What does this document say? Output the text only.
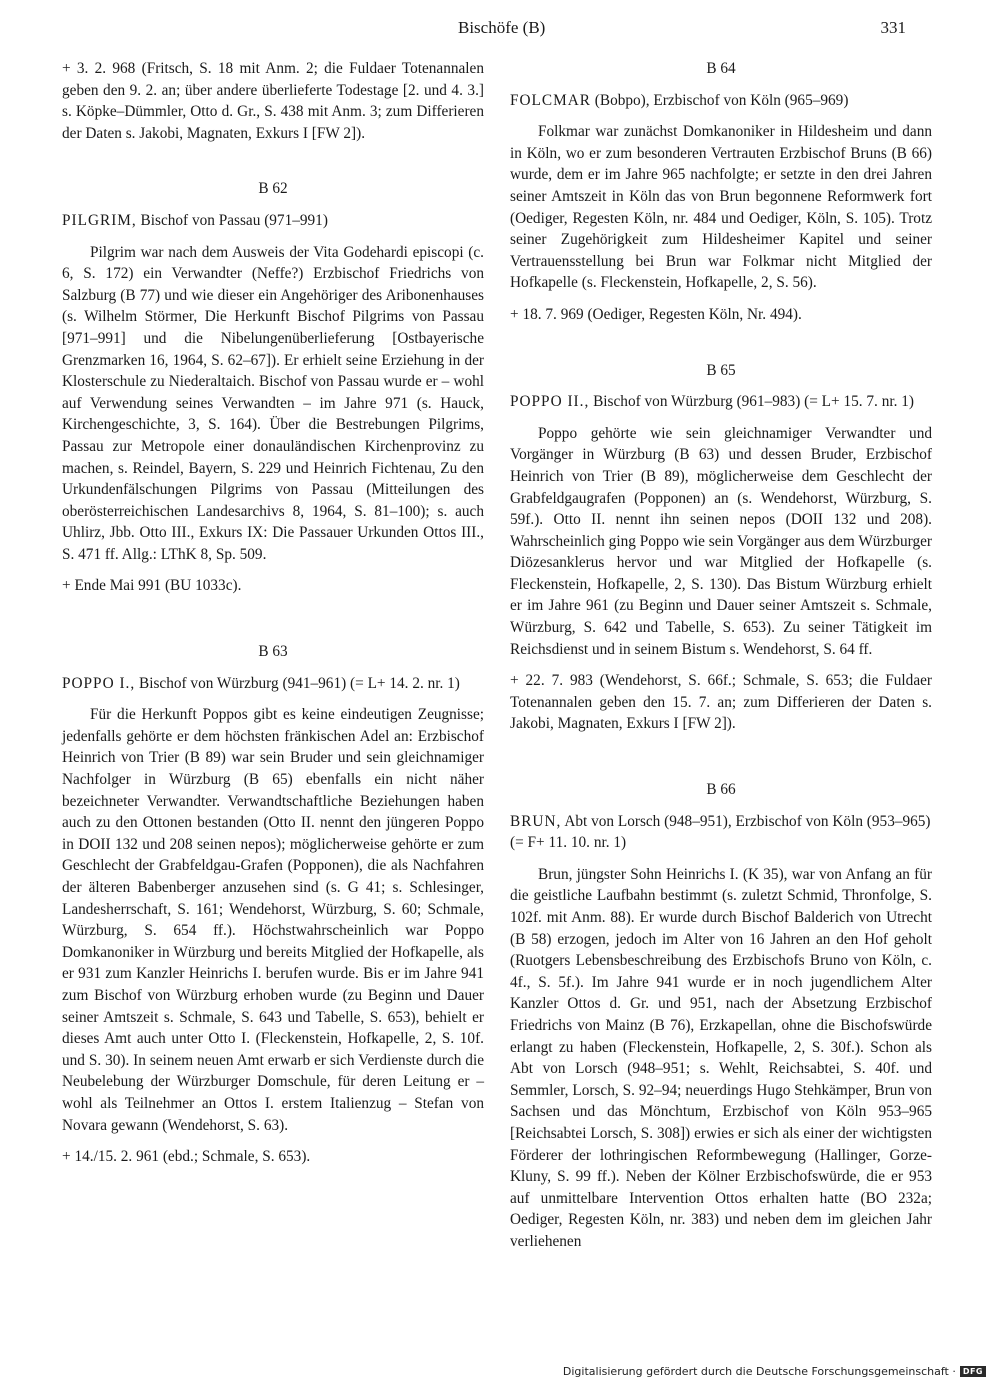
Bischöfe (B)	331

+ 3. 2. 968 (Fritsch, S. 18 mit Anm. 2; die Fuldaer Totenannalen geben den 9. 2. an; über andere überlieferte Todestage [2. und 4. 3.] s. Köpke–Dümmler, Otto d. Gr., S. 438 mit Anm. 3; zum Differieren der Daten s. Jakobi, Magnaten, Exkurs I [FW 2]).

B 62

PILGRIM, Bischof von Passau (971–991)

Pilgrim war nach dem Ausweis der Vita Godehardi episcopi (c. 6, S. 172) ein Verwandter (Neffe?) Erzbischof Friedrichs von Salzburg (B 77) und wie dieser ein Angehöriger des Aribonenhauses (s. Wilhelm Störmer, Die Herkunft Bischof Pilgrims von Passau [971–991] und die Nibelungenüberlieferung [Ostbayerische Grenzmarken 16, 1964, S. 62–67]). Er erhielt seine Erziehung in der Klosterschule zu Niederaltaich. Bischof von Passau wurde er – wohl auf Verwendung seines Verwandten – im Jahre 971 (s. Hauck, Kirchengeschichte, 3, S. 164). Über die Bestrebungen Pilgrims, Passau zur Metropole einer donauländischen Kirchenprovinz zu machen, s. Reindel, Bayern, S. 229 und Heinrich Fichtenau, Zu den Urkundenfälschungen Pilgrims von Passau (Mitteilungen des oberösterreichischen Landesarchivs 8, 1964, S. 81–100); s. auch Uhlirz, Jbb. Otto III., Exkurs IX: Die Passauer Urkunden Ottos III., S. 471 ff. Allg.: LThK 8, Sp. 509.

+ Ende Mai 991 (BU 1033c).

B 63

POPPO I., Bischof von Würzburg (941–961) (= L+ 14. 2. nr. 1)

Für die Herkunft Poppos gibt es keine eindeutigen Zeugnisse; jedenfalls gehörte er dem höchsten fränkischen Adel an: Erzbischof Heinrich von Trier (B 89) war sein Bruder und sein gleichnamiger Nachfolger in Würzburg (B 65) ebenfalls ein nicht näher bezeichneter Verwandter. Verwandtschaftliche Beziehungen haben auch zu den Ottonen bestanden (Otto II. nennt den jüngeren Poppo in DOII 132 und 208 seinen nepos); möglicherweise gehörte er zum Geschlecht der Grabfeldgau-Grafen (Popponen), die als Nachfahren der älteren Babenberger anzusehen sind (s. G 41; s. Schlesinger, Landesherrschaft, S. 161; Wendehorst, Würzburg, S. 60; Schmale, Würzburg, S. 654 ff.). Höchstwahrscheinlich war Poppo Domkanoniker in Würzburg und bereits Mitglied der Hofkapelle, als er 931 zum Kanzler Heinrichs I. berufen wurde. Bis er im Jahre 941 zum Bischof von Würzburg erhoben wurde (zu Beginn und Dauer seiner Amtszeit s. Schmale, S. 643 und Tabelle, S. 653), behielt er dieses Amt auch unter Otto I. (Fleckenstein, Hofkapelle, 2, S. 10f. und S. 30). In seinem neuen Amt erwarb er sich Verdienste durch die Neubelebung der Würzburger Domschule, für deren Leitung er – wohl als Teilnehmer an Ottos I. erstem Italienzug – Stefan von Novara gewann (Wendehorst, S. 63).

+ 14./15. 2. 961 (ebd.; Schmale, S. 653).

B 64

FOLCMAR (Bobpo), Erzbischof von Köln (965–969)

Folkmar war zunächst Domkanoniker in Hildesheim und dann in Köln, wo er zum besonderen Vertrauten Erzbischof Bruns (B 66) wurde, dem er im Jahre 965 nachfolgte; er setzte in den drei Jahren seiner Amtszeit in Köln das von Brun begonnene Reformwerk fort (Oediger, Regesten Köln, nr. 484 und Oediger, Köln, S. 105). Trotz seiner Zugehörigkeit zum Hildesheimer Kapitel und seiner Vertrauensstellung bei Brun war Folkmar nicht Mitglied der Hofkapelle (s. Fleckenstein, Hofkapelle, 2, S. 56).

+ 18. 7. 969 (Oediger, Regesten Köln, Nr. 494).

B 65

POPPO II., Bischof von Würzburg (961–983) (= L+ 15. 7. nr. 1)

Poppo gehörte wie sein gleichnamiger Verwandter und Vorgänger in Würzburg (B 63) und dessen Bruder, Erzbischof Heinrich von Trier (B 89), möglicherweise dem Geschlecht der Grabfeldgaugrafen (Popponen) an (s. Wendehorst, Würzburg, S. 59f.). Otto II. nennt ihn seinen nepos (DOII 132 und 208). Wahrscheinlich ging Poppo wie sein Vorgänger aus dem Würzburger Diözesanklerus hervor und war Mitglied der Hofkapelle (s. Fleckenstein, Hofkapelle, 2, S. 130). Das Bistum Würzburg erhielt er im Jahre 961 (zu Beginn und Dauer seiner Amtszeit s. Schmale, Würzburg, S. 642 und Tabelle, S. 653). Zu seiner Tätigkeit im Reichsdienst und in seinem Bistum s. Wendehorst, S. 64 ff.

+ 22. 7. 983 (Wendehorst, S. 66f.; Schmale, S. 653; die Fuldaer Totenannalen geben den 15. 7. an; zum Differieren der Daten s. Jakobi, Magnaten, Exkurs I [FW 2]).

B 66

BRUN, Abt von Lorsch (948–951), Erzbischof von Köln (953–965) (= F+ 11. 10. nr. 1)

Brun, jüngster Sohn Heinrichs I. (K 35), war von Anfang an für die geistliche Laufbahn bestimmt (s. zuletzt Schmid, Thronfolge, S. 102f. mit Anm. 88). Er wurde durch Bischof Balderich von Utrecht (B 58) erzogen, jedoch im Alter von 16 Jahren an den Hof geholt (Ruotgers Lebensbeschreibung des Erzbischofs Bruno von Köln, c. 4f., S. 5f.). Im Jahre 941 wurde er in noch jugendlichem Alter Kanzler Ottos d. Gr. und 951, nach der Absetzung Erzbischof Friedrichs von Mainz (B 76), Erzkapellan, ohne die Bischofswürde erlangt zu haben (Fleckenstein, Hofkapelle, 2, S. 30f.). Schon als Abt von Lorsch (948–951; s. Wehlt, Reichsabtei, S. 40f. und Semmler, Lorsch, S. 92–94; neuerdings Hugo Stehkämper, Brun von Sachsen und das Mönchtum, Erzbischof von Köln 953–965 [Reichsabtei Lorsch, S. 308]) erwies er sich als einer der wichtigsten Förderer der lothringischen Reformbewegung (Hallinger, Gorze-Kluny, S. 99 ff.). Neben der Kölner Erzbischofswürde, die er 953 auf unmittelbare Intervention Ottos erhalten hatte (BO 232a; Oediger, Regesten Köln, nr. 383) und neben dem im gleichen Jahr verliehenen

Digitalisierung gefördert durch die Deutsche Forschungsgemeinschaft · DFG
